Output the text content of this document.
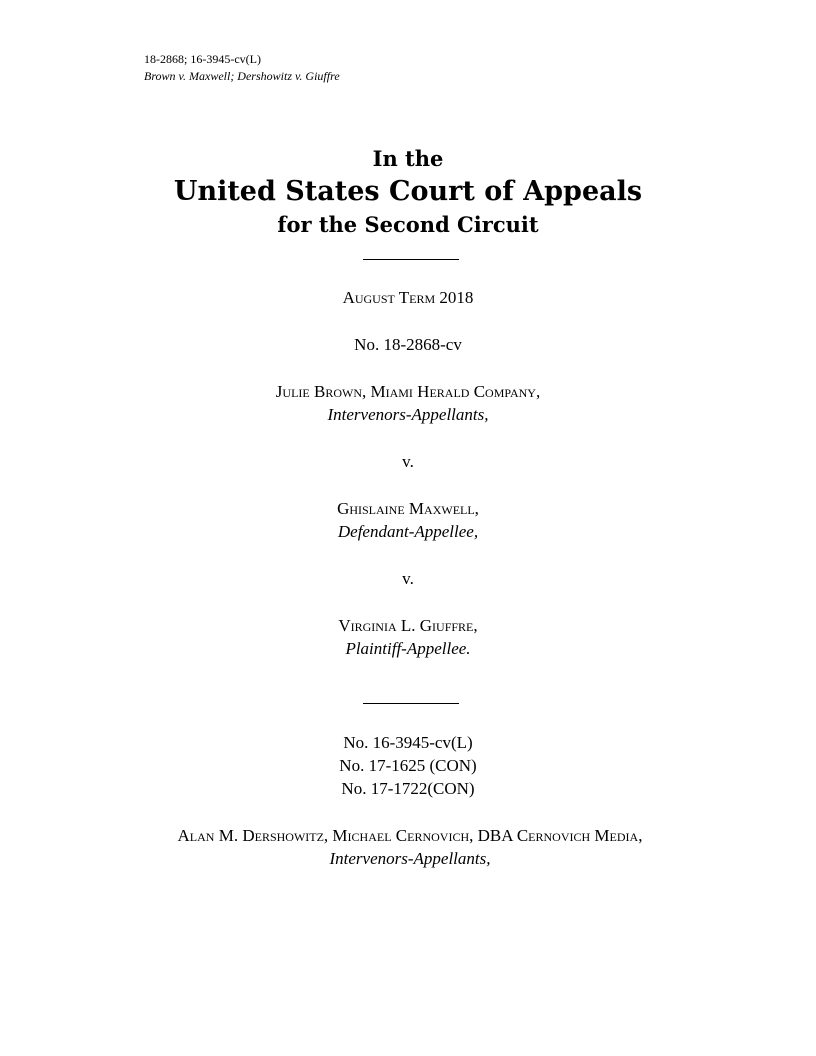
18-2868; 16-3945-cv(L)
Brown v. Maxwell; Dershowitz v. Giuffre
In the
United States Court of Appeals
for the Second Circuit
August Term 2018
No. 18-2868-cv
Julie Brown, Miami Herald Company,
Intervenors-Appellants,
v.
Ghislaine Maxwell,
Defendant-Appellee,
v.
Virginia L. Giuffre,
Plaintiff-Appellee.
No. 16-3945-cv(L)
No. 17-1625 (CON)
No. 17-1722(CON)
Alan M. Dershowitz, Michael Cernovich, DBA Cernovich Media,
Intervenors-Appellants,
